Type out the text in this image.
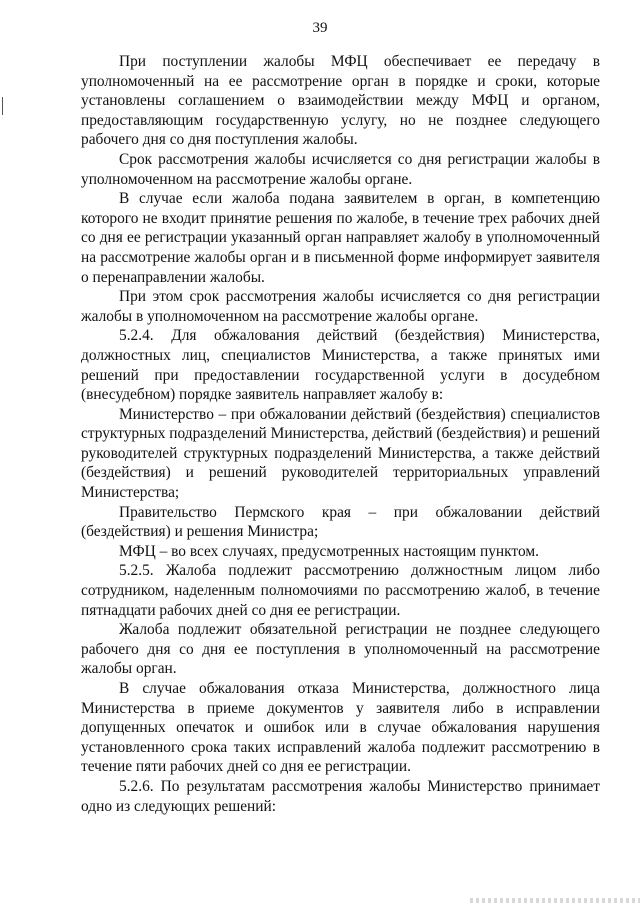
39

При поступлении жалобы МФЦ обеспечивает ее передачу в уполномоченный на ее рассмотрение орган в порядке и сроки, которые установлены соглашением о взаимодействии между МФЦ и органом, предоставляющим государственную услугу, но не позднее следующего рабочего дня со дня поступления жалобы.

Срок рассмотрения жалобы исчисляется со дня регистрации жалобы в уполномоченном на рассмотрение жалобы органе.

В случае если жалоба подана заявителем в орган, в компетенцию которого не входит принятие решения по жалобе, в течение трех рабочих дней со дня ее регистрации указанный орган направляет жалобу в уполномоченный на рассмотрение жалобы орган и в письменной форме информирует заявителя о перенаправлении жалобы.

При этом срок рассмотрения жалобы исчисляется со дня регистрации жалобы в уполномоченном на рассмотрение жалобы органе.

5.2.4. Для обжалования действий (бездействия) Министерства, должностных лиц, специалистов Министерства, а также принятых ими решений при предоставлении государственной услуги в досудебном (внесудебном) порядке заявитель направляет жалобу в:

Министерство – при обжаловании действий (бездействия) специалистов структурных подразделений Министерства, действий (бездействия) и решений руководителей структурных подразделений Министерства, а также действий (бездействия) и решений руководителей территориальных управлений Министерства;

Правительство Пермского края – при обжаловании действий (бездействия) и решения Министра;

МФЦ – во всех случаях, предусмотренных настоящим пунктом.

5.2.5. Жалоба подлежит рассмотрению должностным лицом либо сотрудником, наделенным полномочиями по рассмотрению жалоб, в течение пятнадцати рабочих дней со дня ее регистрации.

Жалоба подлежит обязательной регистрации не позднее следующего рабочего дня со дня ее поступления в уполномоченный на рассмотрение жалобы орган.

В случае обжалования отказа Министерства, должностного лица Министерства в приеме документов у заявителя либо в исправлении допущенных опечаток и ошибок или в случае обжалования нарушения установленного срока таких исправлений жалоба подлежит рассмотрению в течение пяти рабочих дней со дня ее регистрации.

5.2.6. По результатам рассмотрения жалобы Министерство принимает одно из следующих решений:
